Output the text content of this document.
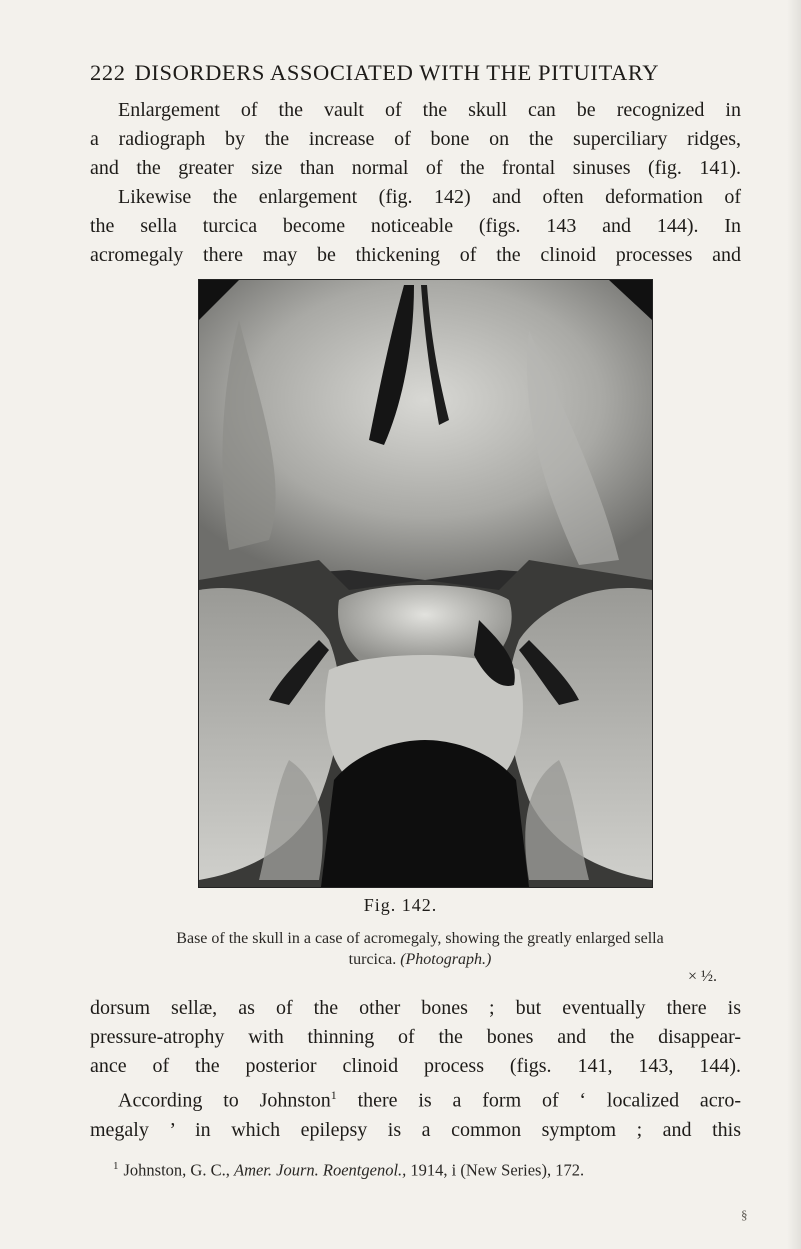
222 DISORDERS ASSOCIATED WITH THE PITUITARY

Enlargement of the vault of the skull can be recognized in
a radiograph by the increase of bone on the superciliary ridges,
and the greater size than normal of the frontal sinuses (fig. 141).
Likewise the enlargement (fig. 142) and often deformation of
the sella turcica become noticeable (figs. 143 and 144). In
acromegaly there may be thickening of the clinoid processes and

Fig. 142.
Base of the skull in a case of acromegaly, showing the greatly enlarged sella
turcica. (Photograph.)
× ½.

dorsum sellæ, as of the other bones ; but eventually there is
pressure-atrophy with thinning of the bones and the disappear-
ance of the posterior clinoid process (figs. 141, 143, 144).
According to Johnston$^1$ there is a form of ‘ localized acro-
megaly ’ in which epilepsy is a common symptom ; and this

$^1$ Johnston, G. C., Amer. Journ. Roentgenol., 1914, i (New Series), 172.
§
